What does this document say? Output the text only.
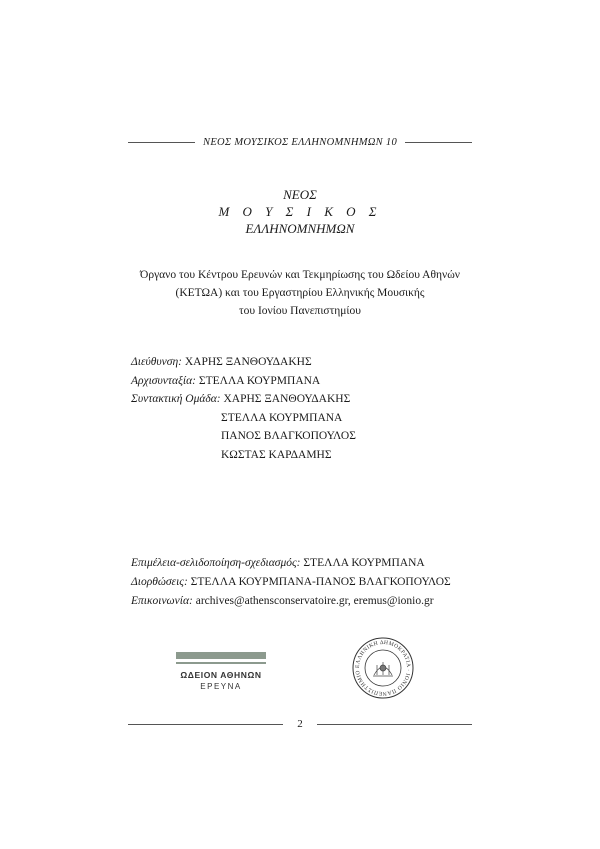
ΝΕΟΣ ΜΟΥΣΙΚΟΣ ΕΛΛΗΝΟΜΝΗΜΩΝ 10
ΝΕΟΣ
Μ Ο Υ Σ Ι Κ Ο Σ
ΕΛΛΗΝΟΜΝΗΜΩΝ
Όργανο του Κέντρου Ερευνών και Τεκμηρίωσης του Ωδείου Αθηνών
(ΚΕΤΩΑ) και του Εργαστηρίου Ελληνικής Μουσικής
του Ιονίου Πανεπιστημίου
Διεύθυνση: ΧΑΡΗΣ ΞΑΝΘΟΥΔΑΚΗΣ
Αρχισυνταξία: ΣΤΕΛΛΑ ΚΟΥΡΜΠΑΝΑ
Συντακτική Ομάδα: ΧΑΡΗΣ ΞΑΝΘΟΥΔΑΚΗΣ
ΣΤΕΛΛΑ ΚΟΥΡΜΠΑΝΑ
ΠΑΝΟΣ ΒΛΑΓΚΟΠΟΥΛΟΣ
ΚΩΣΤΑΣ ΚΑΡΔΑΜΗΣ
Επιμέλεια-σελιδοποίηση-σχεδιασμός: ΣΤΕΛΛΑ ΚΟΥΡΜΠΑΝΑ
Διορθώσεις: ΣΤΕΛΛΑ ΚΟΥΡΜΠΑΝΑ-ΠΑΝΟΣ ΒΛΑΓΚΟΠΟΥΛΟΣ
Επικοινωνία: archives@athensconservatoire.gr, eremus@ionio.gr
ΩΔΕΙΟΝ ΑΘΗΝΩΝ
ΕΡΕΥΝΑ
ΕΛΛΗΝΙΚΗ ΔΗΜΟΚΡΑΤΙΑ · ΙΟΝΙΟ ΠΑΝΕΠΙΣΤΗΜΙΟ
2
